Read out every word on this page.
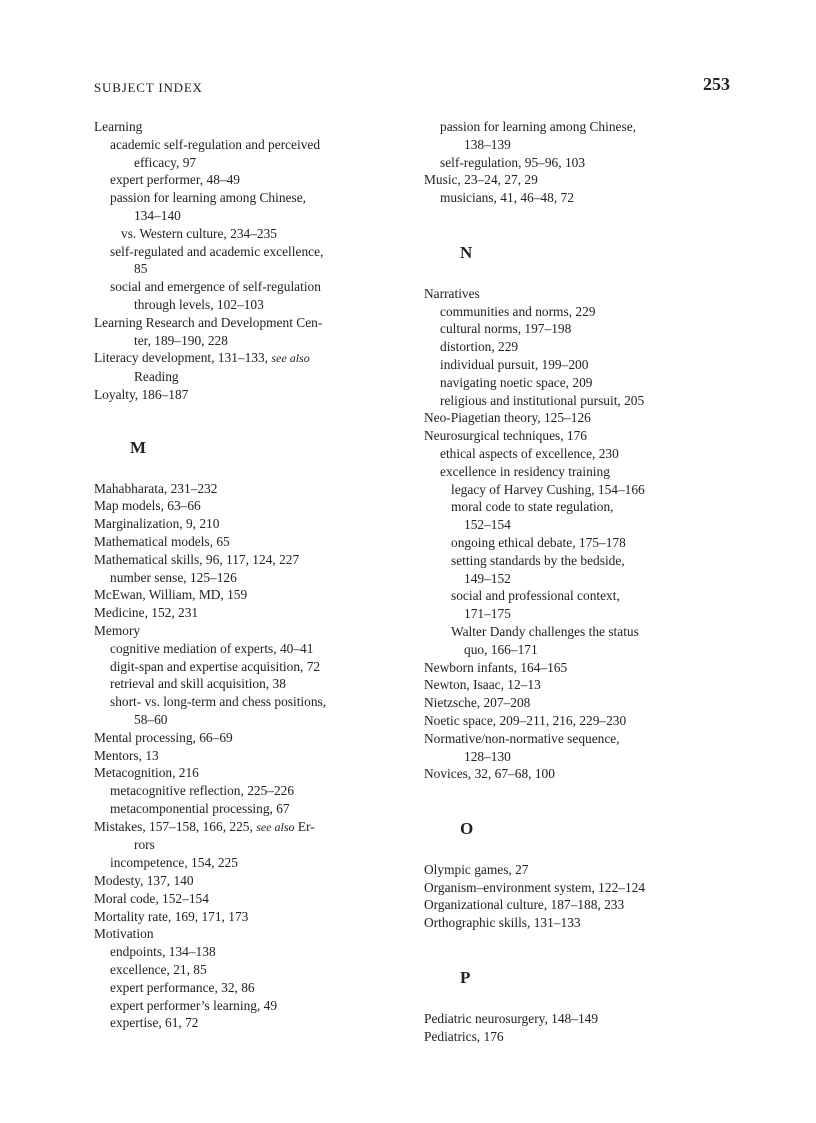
SUBJECT INDEX	253
Learning
academic self-regulation and perceived
efficacy, 97
expert performer, 48–49
passion for learning among Chinese,
134–140
vs. Western culture, 234–235
self-regulated and academic excellence,
85
social and emergence of self-regulation
through levels, 102–103
Learning Research and Development Cen-
ter, 189–190, 228
Literacy development, 131–133, see also
Reading
Loyalty, 186–187
M
Mahabharata, 231–232
Map models, 63–66
Marginalization, 9, 210
Mathematical models, 65
Mathematical skills, 96, 117, 124, 227
number sense, 125–126
McEwan, William, MD, 159
Medicine, 152, 231
Memory
cognitive mediation of experts, 40–41
digit-span and expertise acquisition, 72
retrieval and skill acquisition, 38
short- vs. long-term and chess positions,
58–60
Mental processing, 66–69
Mentors, 13
Metacognition, 216
metacognitive reflection, 225–226
metacomponential processing, 67
Mistakes, 157–158, 166, 225, see also Er-
rors
incompetence, 154, 225
Modesty, 137, 140
Moral code, 152–154
Mortality rate, 169, 171, 173
Motivation
endpoints, 134–138
excellence, 21, 85
expert performance, 32, 86
expert performer’s learning, 49
expertise, 61, 72
passion for learning among Chinese,
138–139
self-regulation, 95–96, 103
Music, 23–24, 27, 29
musicians, 41, 46–48, 72
N
Narratives
communities and norms, 229
cultural norms, 197–198
distortion, 229
individual pursuit, 199–200
navigating noetic space, 209
religious and institutional pursuit, 205
Neo-Piagetian theory, 125–126
Neurosurgical techniques, 176
ethical aspects of excellence, 230
excellence in residency training
legacy of Harvey Cushing, 154–166
moral code to state regulation,
152–154
ongoing ethical debate, 175–178
setting standards by the bedside,
149–152
social and professional context,
171–175
Walter Dandy challenges the status
quo, 166–171
Newborn infants, 164–165
Newton, Isaac, 12–13
Nietzsche, 207–208
Noetic space, 209–211, 216, 229–230
Normative/non-normative sequence,
128–130
Novices, 32, 67–68, 100
O
Olympic games, 27
Organism–environment system, 122–124
Organizational culture, 187–188, 233
Orthographic skills, 131–133
P
Pediatric neurosurgery, 148–149
Pediatrics, 176
